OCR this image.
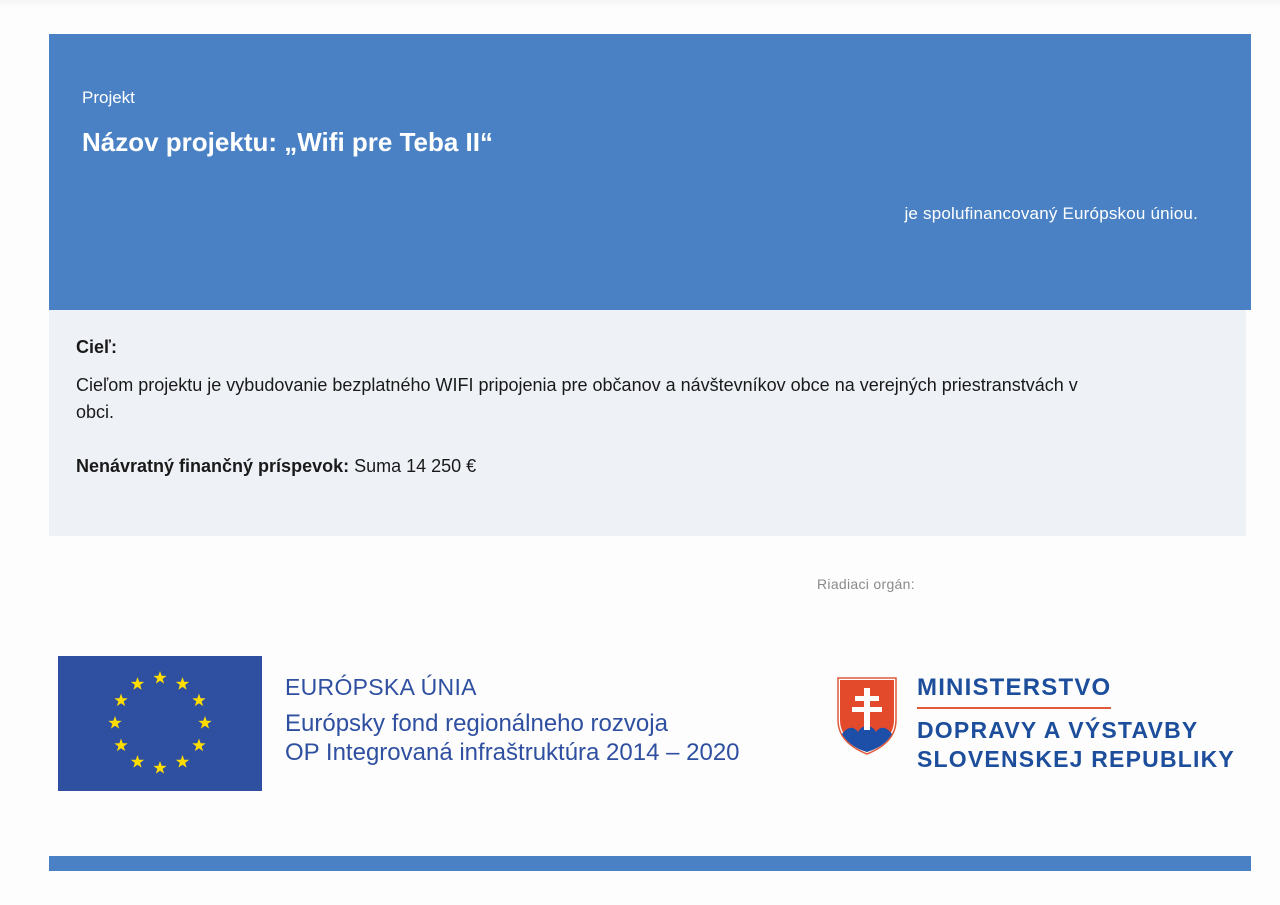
Projekt
Názov projektu: „Wifi pre Teba II“
je spolufinancovaný Európskou úniou.
Cieľ:
Cieľom projektu je vybudovanie bezplatného WIFI pripojenia pre občanov a návštevníkov obce na verejných priestranstvách v obci.
Nenávratný finančný príspevok: Suma 14 250 €
Riadiaci orgán:
EURÓPSKA ÚNIA
Európsky fond regionálneho rozvoja
OP Integrovaná infraštruktúra 2014 – 2020
MINISTERSTVO
DOPRAVY A VÝSTAVBY
SLOVENSKEJ REPUBLIKY
